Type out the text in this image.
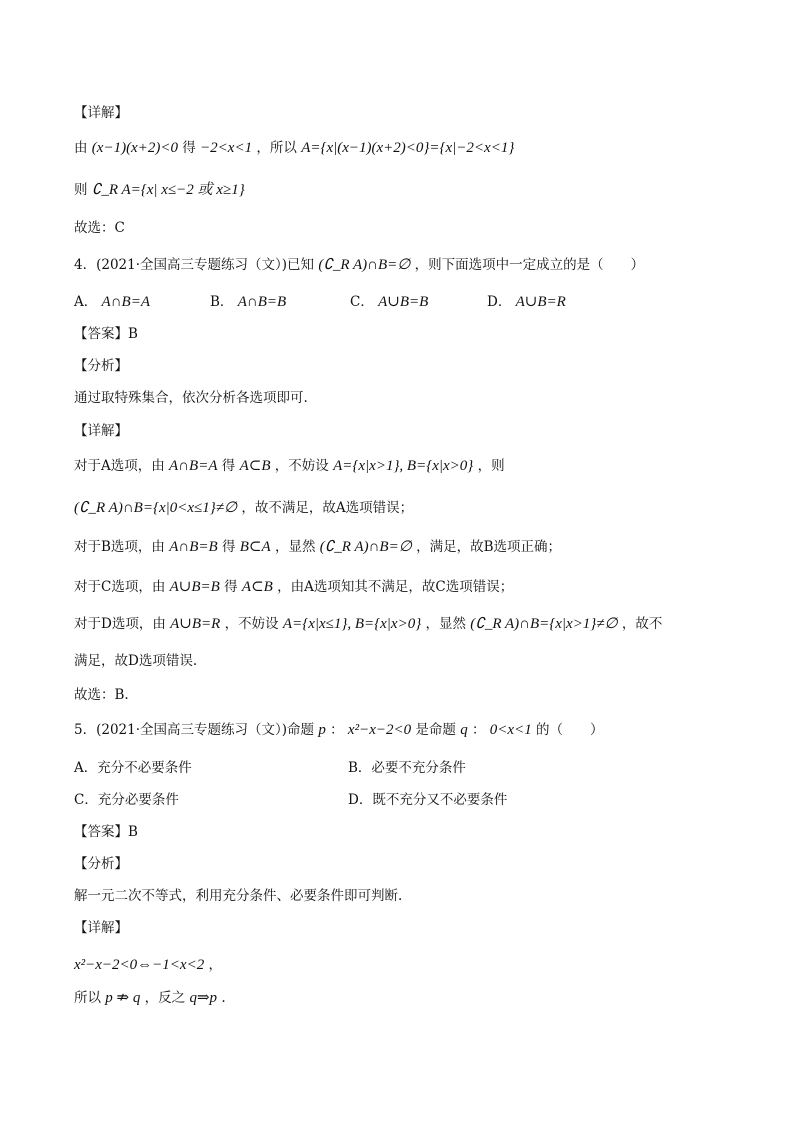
【详解】
由 (x−1)(x+2)<0 得 −2<x<1 ，所以 A={x|(x−1)(x+2)<0}={x|−2<x<1}
则 ∁_R A={x| x≤−2 或 x≥1}
故选：C
4．(2021·全国高三专题练习（文）)已知 (∁_R A)∩B=∅ ，则下面选项中一定成立的是（　　）
A． A∩B=A	B． A∩B=B	C． A∪B=B	D． A∪B=R
【答案】B
【分析】
通过取特殊集合，依次分析各选项即可.
【详解】
对于A选项，由 A∩B=A 得 A⊂B ，不妨设 A={x|x>1}, B={x|x>0} ，则
(∁_R A)∩B={x|0<x≤1}≠∅ ，故不满足，故A选项错误；
对于B选项，由 A∩B=B 得 B⊂A ，显然 (∁_R A)∩B=∅ ，满足，故B选项正确；
对于C选项，由 A∪B=B 得 A⊂B ，由A选项知其不满足，故C选项错误；
对于D选项，由 A∪B=R ，不妨设 A={x|x≤1}, B={x|x>0} ，显然 (∁_R A)∩B={x|x>1}≠∅ ，故不
满足，故D选项错误.
故选：B.
5．(2021·全国高三专题练习（文）)命题 p ： x²−x−2<0 是命题 q ： 0<x<1 的（　　）
A．充分不必要条件	B．必要不充分条件
C．充分必要条件	D．既不充分又不必要条件
【答案】B
【分析】
解一元二次不等式，利用充分条件、必要条件即可判断.
【详解】
x²−x−2<0⇔−1<x<2 ，
所以 p ⇏ q ，反之 q⇒p .
